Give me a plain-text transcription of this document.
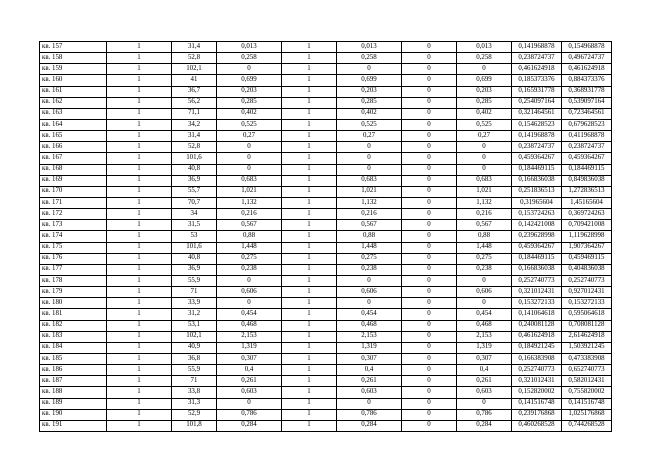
кв. 157	1	31,4	0,013	1	0,013	0	0,013	0,141968878	0,154968878
кв. 158	1	52,8	0,258	1	0,258	0	0,258	0,238724737	0,496724737
кв. 159	1	102,1	0	1	0	0	0	0,461624918	0,461624918
кв. 160	1	41	0,699	1	0,699	0	0,699	0,185373376	0,884373376
кв. 161	1	36,7	0,203	1	0,203	0	0,203	0,165931778	0,368931778
кв. 162	1	56,2	0,285	1	0,285	0	0,285	0,254097164	0,539097164
кв. 163	1	71,1	0,402	1	0,402	0	0,402	0,321464561	0,723464561
кв. 164	1	34,2	0,525	1	0,525	0	0,525	0,154628523	0,679628523
кв. 165	1	31,4	0,27	1	0,27	0	0,27	0,141968878	0,411968878
кв. 166	1	52,8	0	1	0	0	0	0,238724737	0,238724737
кв. 167	1	101,6	0	1	0	0	0	0,459364267	0,459364267
кв. 168	1	40,8	0	1	0	0	0	0,184469115	0,184469115
кв. 169	1	36,9	0,683	1	0,683	0	0,683	0,166836038	0,849836038
кв. 170	1	55,7	1,021	1	1,021	0	1,021	0,251836513	1,272836513
кв. 171	1	70,7	1,132	1	1,132	0	1,132	0,31965604	1,45165604
кв. 172	1	34	0,216	1	0,216	0	0,216	0,153724263	0,369724263
кв. 173	1	31,5	0,567	1	0,567	0	0,567	0,142421008	0,709421008
кв. 174	1	53	0,88	1	0,88	0	0,88	0,239628998	1,119628998
кв. 175	1	101,6	1,448	1	1,448	0	1,448	0,459364267	1,907364267
кв. 176	1	40,8	0,275	1	0,275	0	0,275	0,184469115	0,459469115
кв. 177	1	36,9	0,238	1	0,238	0	0,238	0,166836038	0,404836038
кв. 178	1	55,9	0	1	0	0	0	0,252740773	0,252740773
кв. 179	1	71	0,606	1	0,606	0	0,606	0,321012431	0,927012431
кв. 180	1	33,9	0	1	0	0	0	0,153272133	0,153272133
кв. 181	1	31,2	0,454	1	0,454	0	0,454	0,141064618	0,595064618
кв. 182	1	53,1	0,468	1	0,468	0	0,468	0,240081128	0,708081128
кв. 183	1	102,1	2,153	1	2,153	0	2,153	0,461624918	2,614624918
кв. 184	1	40,9	1,319	1	1,319	0	1,319	0,184921245	1,503921245
кв. 185	1	36,8	0,307	1	0,307	0	0,307	0,166383908	0,473383908
кв. 186	1	55,9	0,4	1	0,4	0	0,4	0,252740773	0,652740773
кв. 187	1	71	0,261	1	0,261	0	0,261	0,321012431	0,582012431
кв. 188	1	33,8	0,603	1	0,603	0	0,603	0,152820002	0,755820002
кв. 189	1	31,3	0	1	0	0	0	0,141516748	0,141516748
кв. 190	1	52,9	0,786	1	0,786	0	0,786	0,239176868	1,025176868
кв. 191	1	101,8	0,284	1	0,284	0	0,284	0,460268528	0,744268528
